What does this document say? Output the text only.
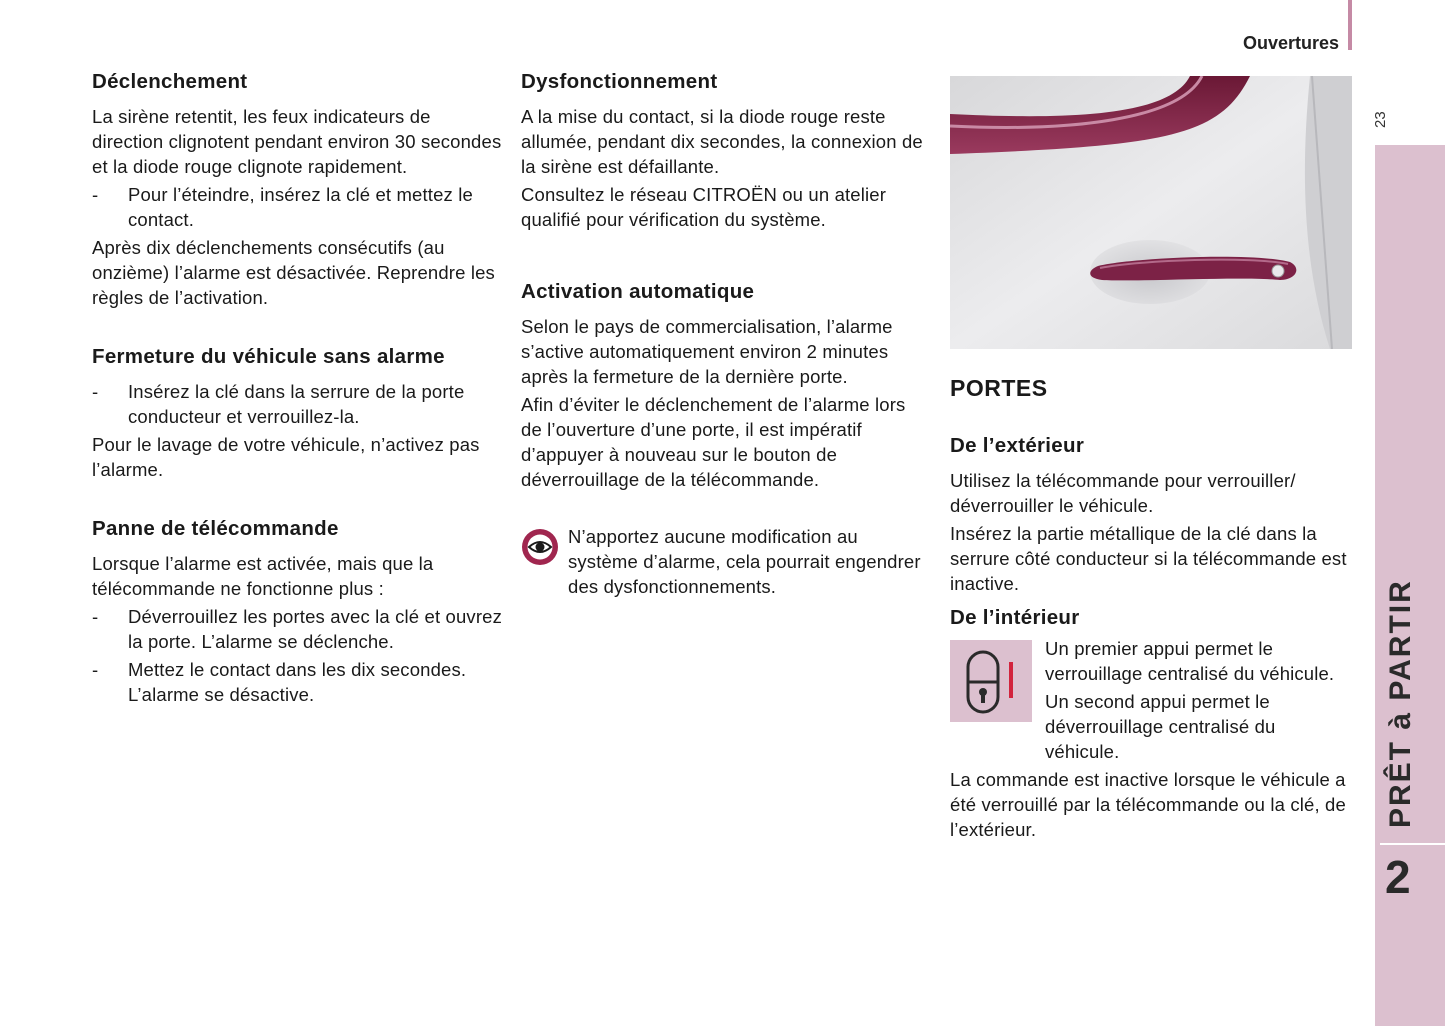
Ouvertures
23
PRÊT à PARTIR
2
Déclenchement

La sirène retentit, les feux indicateurs de direction clignotent pendant environ 30 secondes et la diode rouge clignote rapidement.

- Pour l’éteindre, insérez la clé et mettez le contact.

Après dix déclenchements consécutifs (au onzième) l’alarme est désactivée. Reprendre les règles de l’activation.

Fermeture du véhicule sans alarme
- Insérez la clé dans la serrure de la porte conducteur et verrouillez-la.

Pour le lavage de votre véhicule, n’activez pas l’alarme.

Panne de télécommande

Lorsque l’alarme est activée, mais que la télécommande ne fonctionne plus :

- Déverrouillez les portes avec la clé et ouvrez la porte. L’alarme se déclenche.
- Mettez le contact dans les dix secondes. L’alarme se désactive.
Dysfonctionnement

A la mise du contact, si la diode rouge reste allumée, pendant dix secondes, la connexion de la sirène est défaillante.

Consultez le réseau CITROËN ou un atelier qualifié pour vérification du système.

Activation automatique

Selon le pays de commercialisation, l’alarme s’active automatiquement environ 2 minutes après la fermeture de la dernière porte.

Afin d’éviter le déclenchement de l’alarme lors de l’ouverture d’une porte, il est impératif d’appuyer à nouveau sur le bouton de déverrouillage de la télécommande.

N’apportez aucune modification au système d’alarme, cela pourrait engendrer des dysfonctionnements.

PORTES
De l’extérieur

Utilisez la télécommande pour verrouiller/ déverrouiller le véhicule.

Insérez la partie métallique de la clé dans la serrure côté conducteur si la télécommande est inactive.

De l’intérieur

Un premier appui permet le verrouillage centralisé du véhicule.

Un second appui permet le déverrouillage centralisé du véhicule.

La commande est inactive lorsque le véhicule a été verrouillé par la télécommande ou la clé, de l’extérieur.
